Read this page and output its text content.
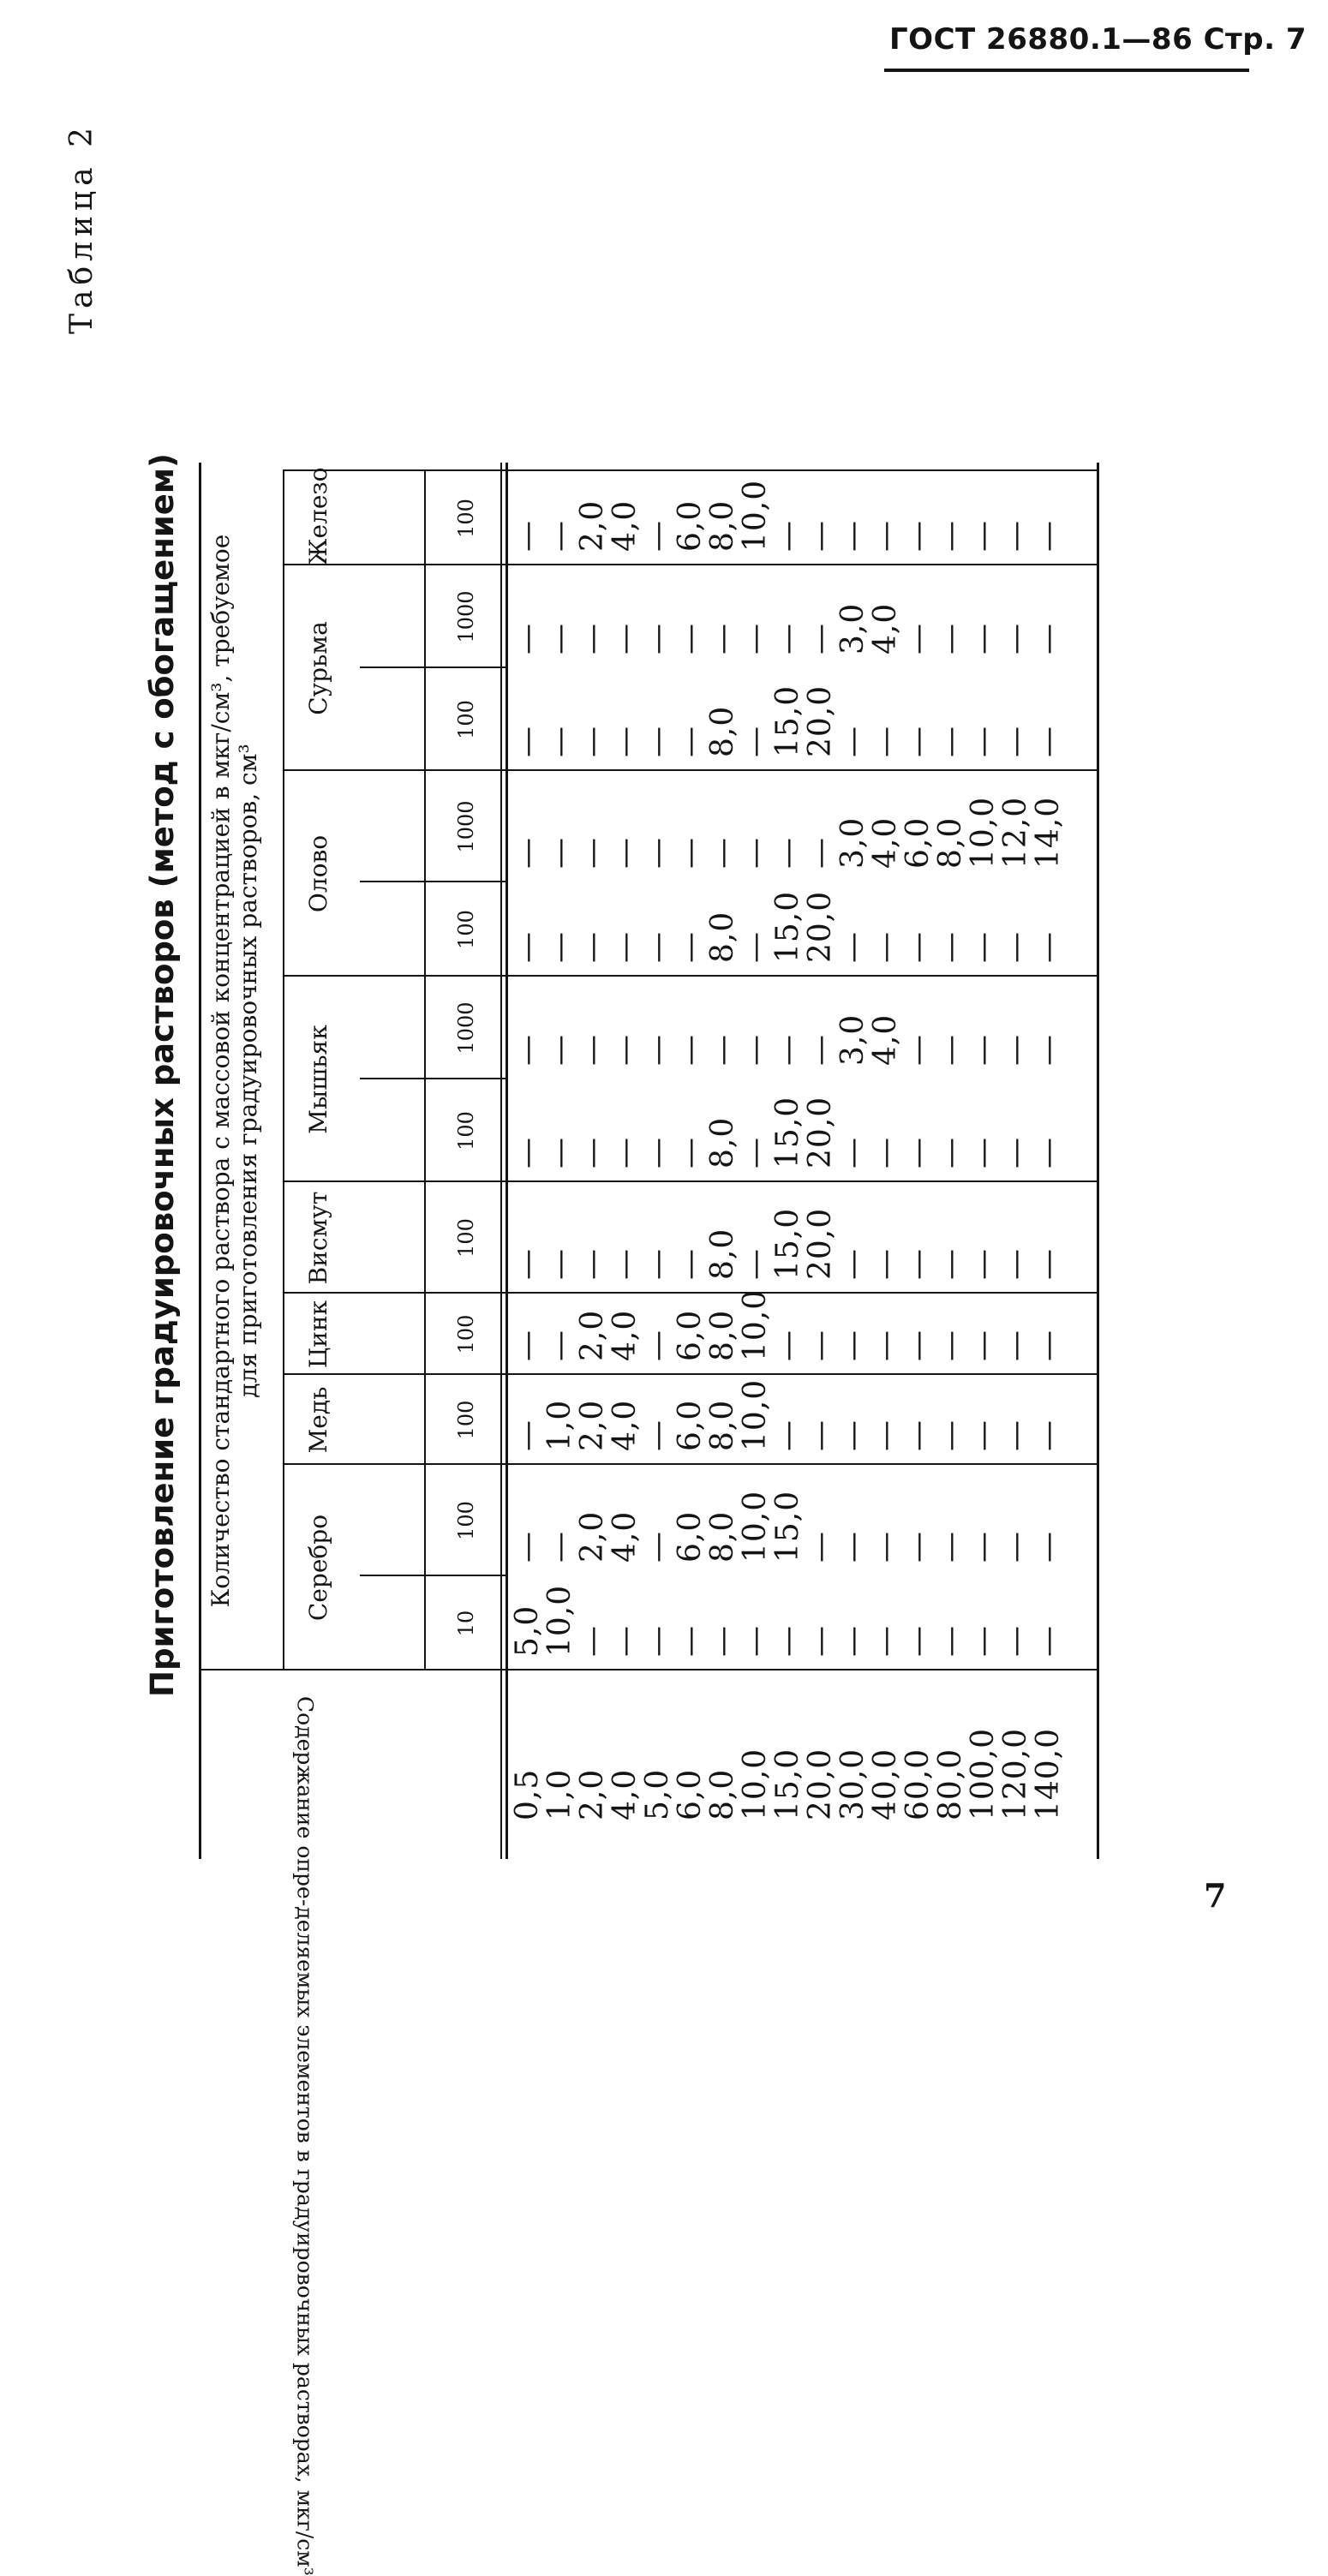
ГОСТ 26880.1—86 Стр. 7
Таблица 2
Приготовление градуировочных растворов (метод с обогащением)
Содержание опре-деляемых элементов в градуировочных растворах, мкг/см³
Количество стандартного раствора с массовой концентрацией в мкг/см³, требуемое для приготовления градуировочных растворов, см³
Серебро
Медь
Цинк
Висмут
Мышьяк
Олово
Сурьма
Железо
10
100
100
100
100
100
1000
100
1000
100
1000
100
0,5
1,0
2,0
4,0
5,0
6,0
8,0
10,0
15,0
20,0
30,0
40,0
60,0
80,0
100,0
120,0
140,0
5,0
—
—
—
—
—
—
—
—
—
—
—
10,0
—
1,0
—
—
—
—
—
—
—
—
—
—
2,0
2,0
2,0
—
—
—
—
—
—
—
2,0
—
4,0
4,0
4,0
—
—
—
—
—
—
—
4,0
—
—
—
—
—
—
—
—
—
—
—
—
—
6,0
6,0
6,0
—
—
—
—
—
—
—
6,0
—
8,0
8,0
8,0
8,0
8,0
—
8,0
—
8,0
—
8,0
—
10,0
10,0
10,0
—
—
—
—
—
—
—
10,0
—
15,0
—
—
15,0
15,0
—
15,0
—
15,0
—
—
—
—
—
—
20,0
20,0
—
20,0
—
20,0
—
—
—
—
—
—
—
—
3,0
—
3,0
—
3,0
—
—
—
—
—
—
—
4,0
—
4,0
—
4,0
—
—
—
—
—
—
—
—
—
6,0
—
—
—
—
—
—
—
—
—
—
—
8,0
—
—
—
—
—
—
—
—
—
—
—
10,0
—
—
—
—
—
—
—
—
—
—
—
12,0
—
—
—
—
—
—
—
—
—
—
—
14,0
—
—
—
7
